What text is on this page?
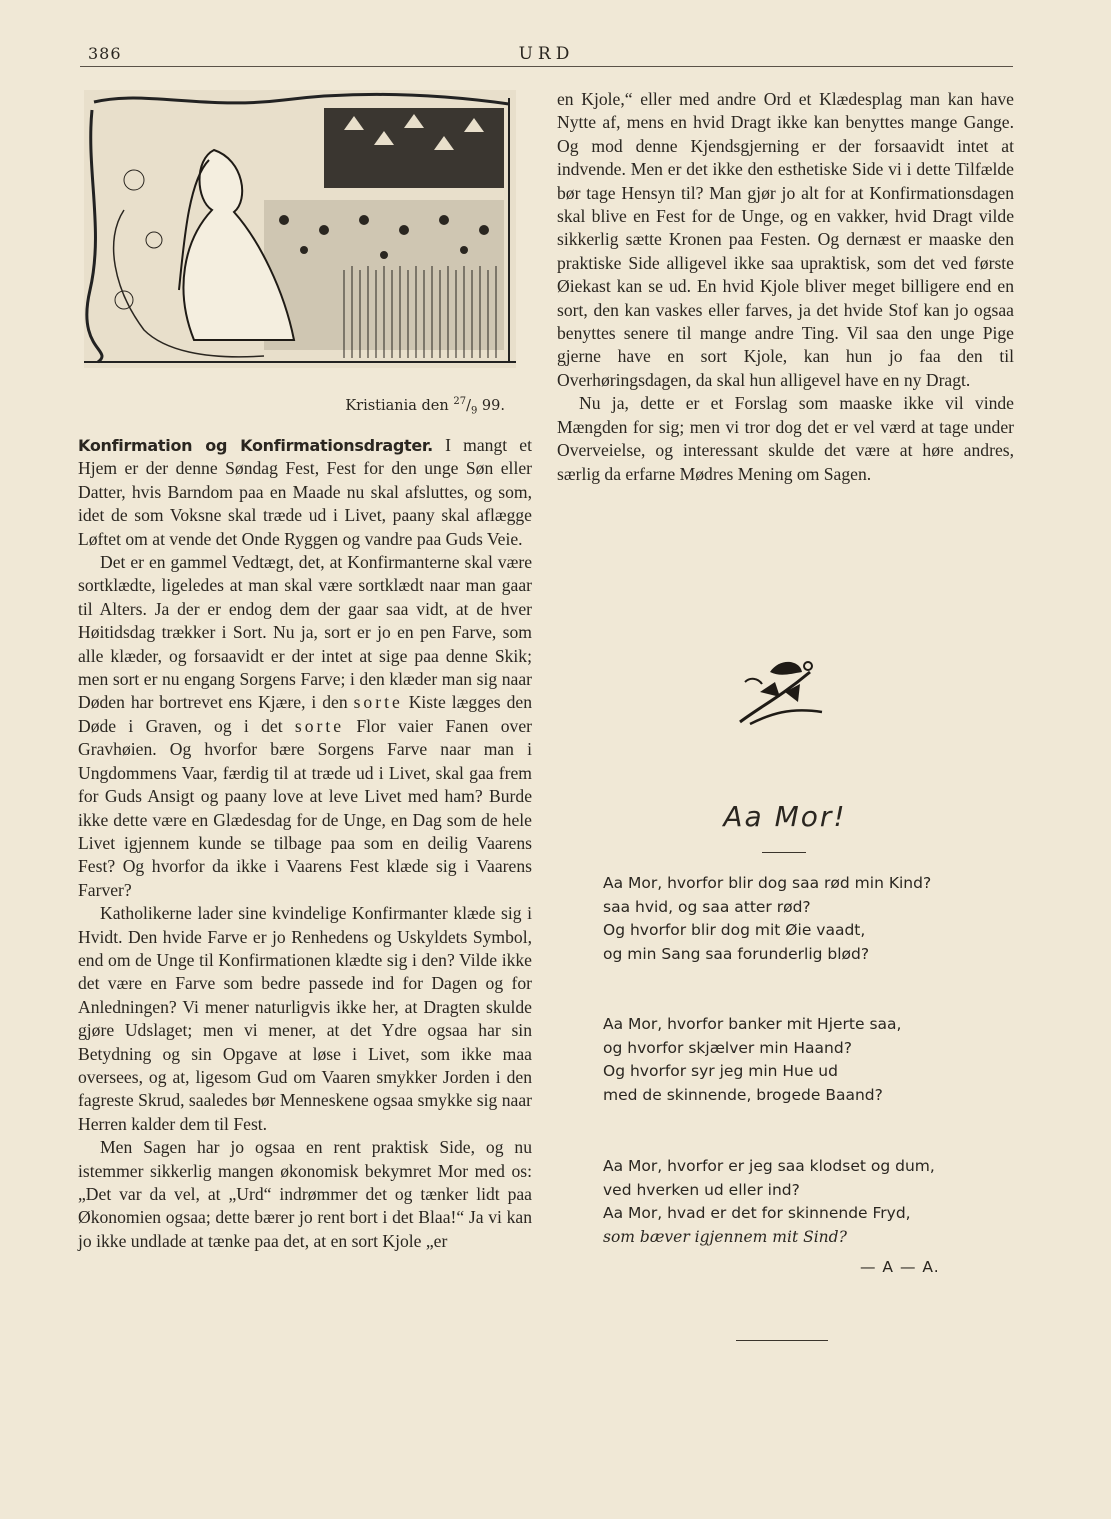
386	URD
Kristiania den $^{27}/_9$ 99.

Konfirmation og Konfirmationsdragter. I mangt et Hjem er der denne Søndag Fest, Fest for den unge Søn eller Datter, hvis Barndom paa en Maade nu skal afsluttes, og som, idet de som Voksne skal træde ud i Livet, paany skal aflægge Løftet om at vende det Onde Ryggen og vandre paa Guds Veie.

Det er en gammel Vedtægt, det, at Konfirmanterne skal være sortklædte, ligeledes at man skal være sortklædt naar man gaar til Alters. Ja der er endog dem der gaar saa vidt, at de hver Høitidsdag trækker i Sort. Nu ja, sort er jo en pen Farve, som alle klæder, og forsaavidt er der intet at sige paa denne Skik; men sort er nu engang Sorgens Farve; i den klæder man sig naar Døden har bortrevet ens Kjære, i den sorte Kiste lægges den Døde i Graven, og i det sorte Flor vaier Fanen over Gravhøien. Og hvorfor bære Sorgens Farve naar man i Ungdommens Vaar, færdig til at træde ud i Livet, skal gaa frem for Guds Ansigt og paany love at leve Livet med ham? Burde ikke dette være en Glædesdag for de Unge, en Dag som de hele Livet igjennem kunde se tilbage paa som en deilig Vaarens Fest? Og hvorfor da ikke i Vaarens Fest klæde sig i Vaarens Farver?

Katholikerne lader sine kvindelige Konfirmanter klæde sig i Hvidt. Den hvide Farve er jo Renhedens og Uskyldets Symbol, end om de Unge til Konfirmationen klædte sig i den? Vilde ikke det være en Farve som bedre passede ind for Dagen og for Anledningen? Vi mener naturligvis ikke her, at Dragten skulde gjøre Udslaget; men vi mener, at det Ydre ogsaa har sin Betydning og sin Opgave at løse i Livet, som ikke maa oversees, og at, ligesom Gud om Vaaren smykker Jorden i den fagreste Skrud, saaledes bør Menneskene ogsaa smykke sig naar Herren kalder dem til Fest.

Men Sagen har jo ogsaa en rent praktisk Side, og nu istemmer sikkerlig mangen økonomisk bekymret Mor med os: „Det var da vel, at „Urd“ indrømmer det og tænker lidt paa Økonomien ogsaa; dette bærer jo rent bort i det Blaa!“ Ja vi kan jo ikke undlade at tænke paa det, at en sort Kjole „er

en Kjole,“ eller med andre Ord et Klædesplag man kan have Nytte af, mens en hvid Dragt ikke kan benyttes mange Gange. Og mod denne Kjendsgjerning er der forsaavidt intet at indvende. Men er det ikke den esthetiske Side vi i dette Tilfælde bør tage Hensyn til? Man gjør jo alt for at Konfirmationsdagen skal blive en Fest for de Unge, og en vakker, hvid Dragt vilde sikkerlig sætte Kronen paa Festen. Og dernæst er maaske den praktiske Side alligevel ikke saa upraktisk, som det ved første Øiekast kan se ud. En hvid Kjole bliver meget billigere end en sort, den kan vaskes eller farves, ja det hvide Stof kan jo ogsaa benyttes senere til mange andre Ting. Vil saa den unge Pige gjerne have en sort Kjole, kan hun jo faa den til Overhøringsdagen, da skal hun alligevel have en ny Dragt.

Nu ja, dette er et Forslag som maaske ikke vil vinde Mængden for sig; men vi tror dog det er vel værd at tage under Overveielse, og interessant skulde det være at høre andres, særlig da erfarne Mødres Mening om Sagen.

Aa Mor!
Aa Mor, hvorfor blir dog saa rød min Kind?
saa hvid, og saa atter rød?
Og hvorfor blir dog mit Øie vaadt,
og min Sang saa forunderlig blød?
Aa Mor, hvorfor banker mit Hjerte saa,
og hvorfor skjælver min Haand?
Og hvorfor syr jeg min Hue ud
med de skinnende, brogede Baand?
Aa Mor, hvorfor er jeg saa klodset og dum,
ved hverken ud eller ind?
Aa Mor, hvad er det for skinnende Fryd,
som bæver igjennem mit Sind?
— A — A.
